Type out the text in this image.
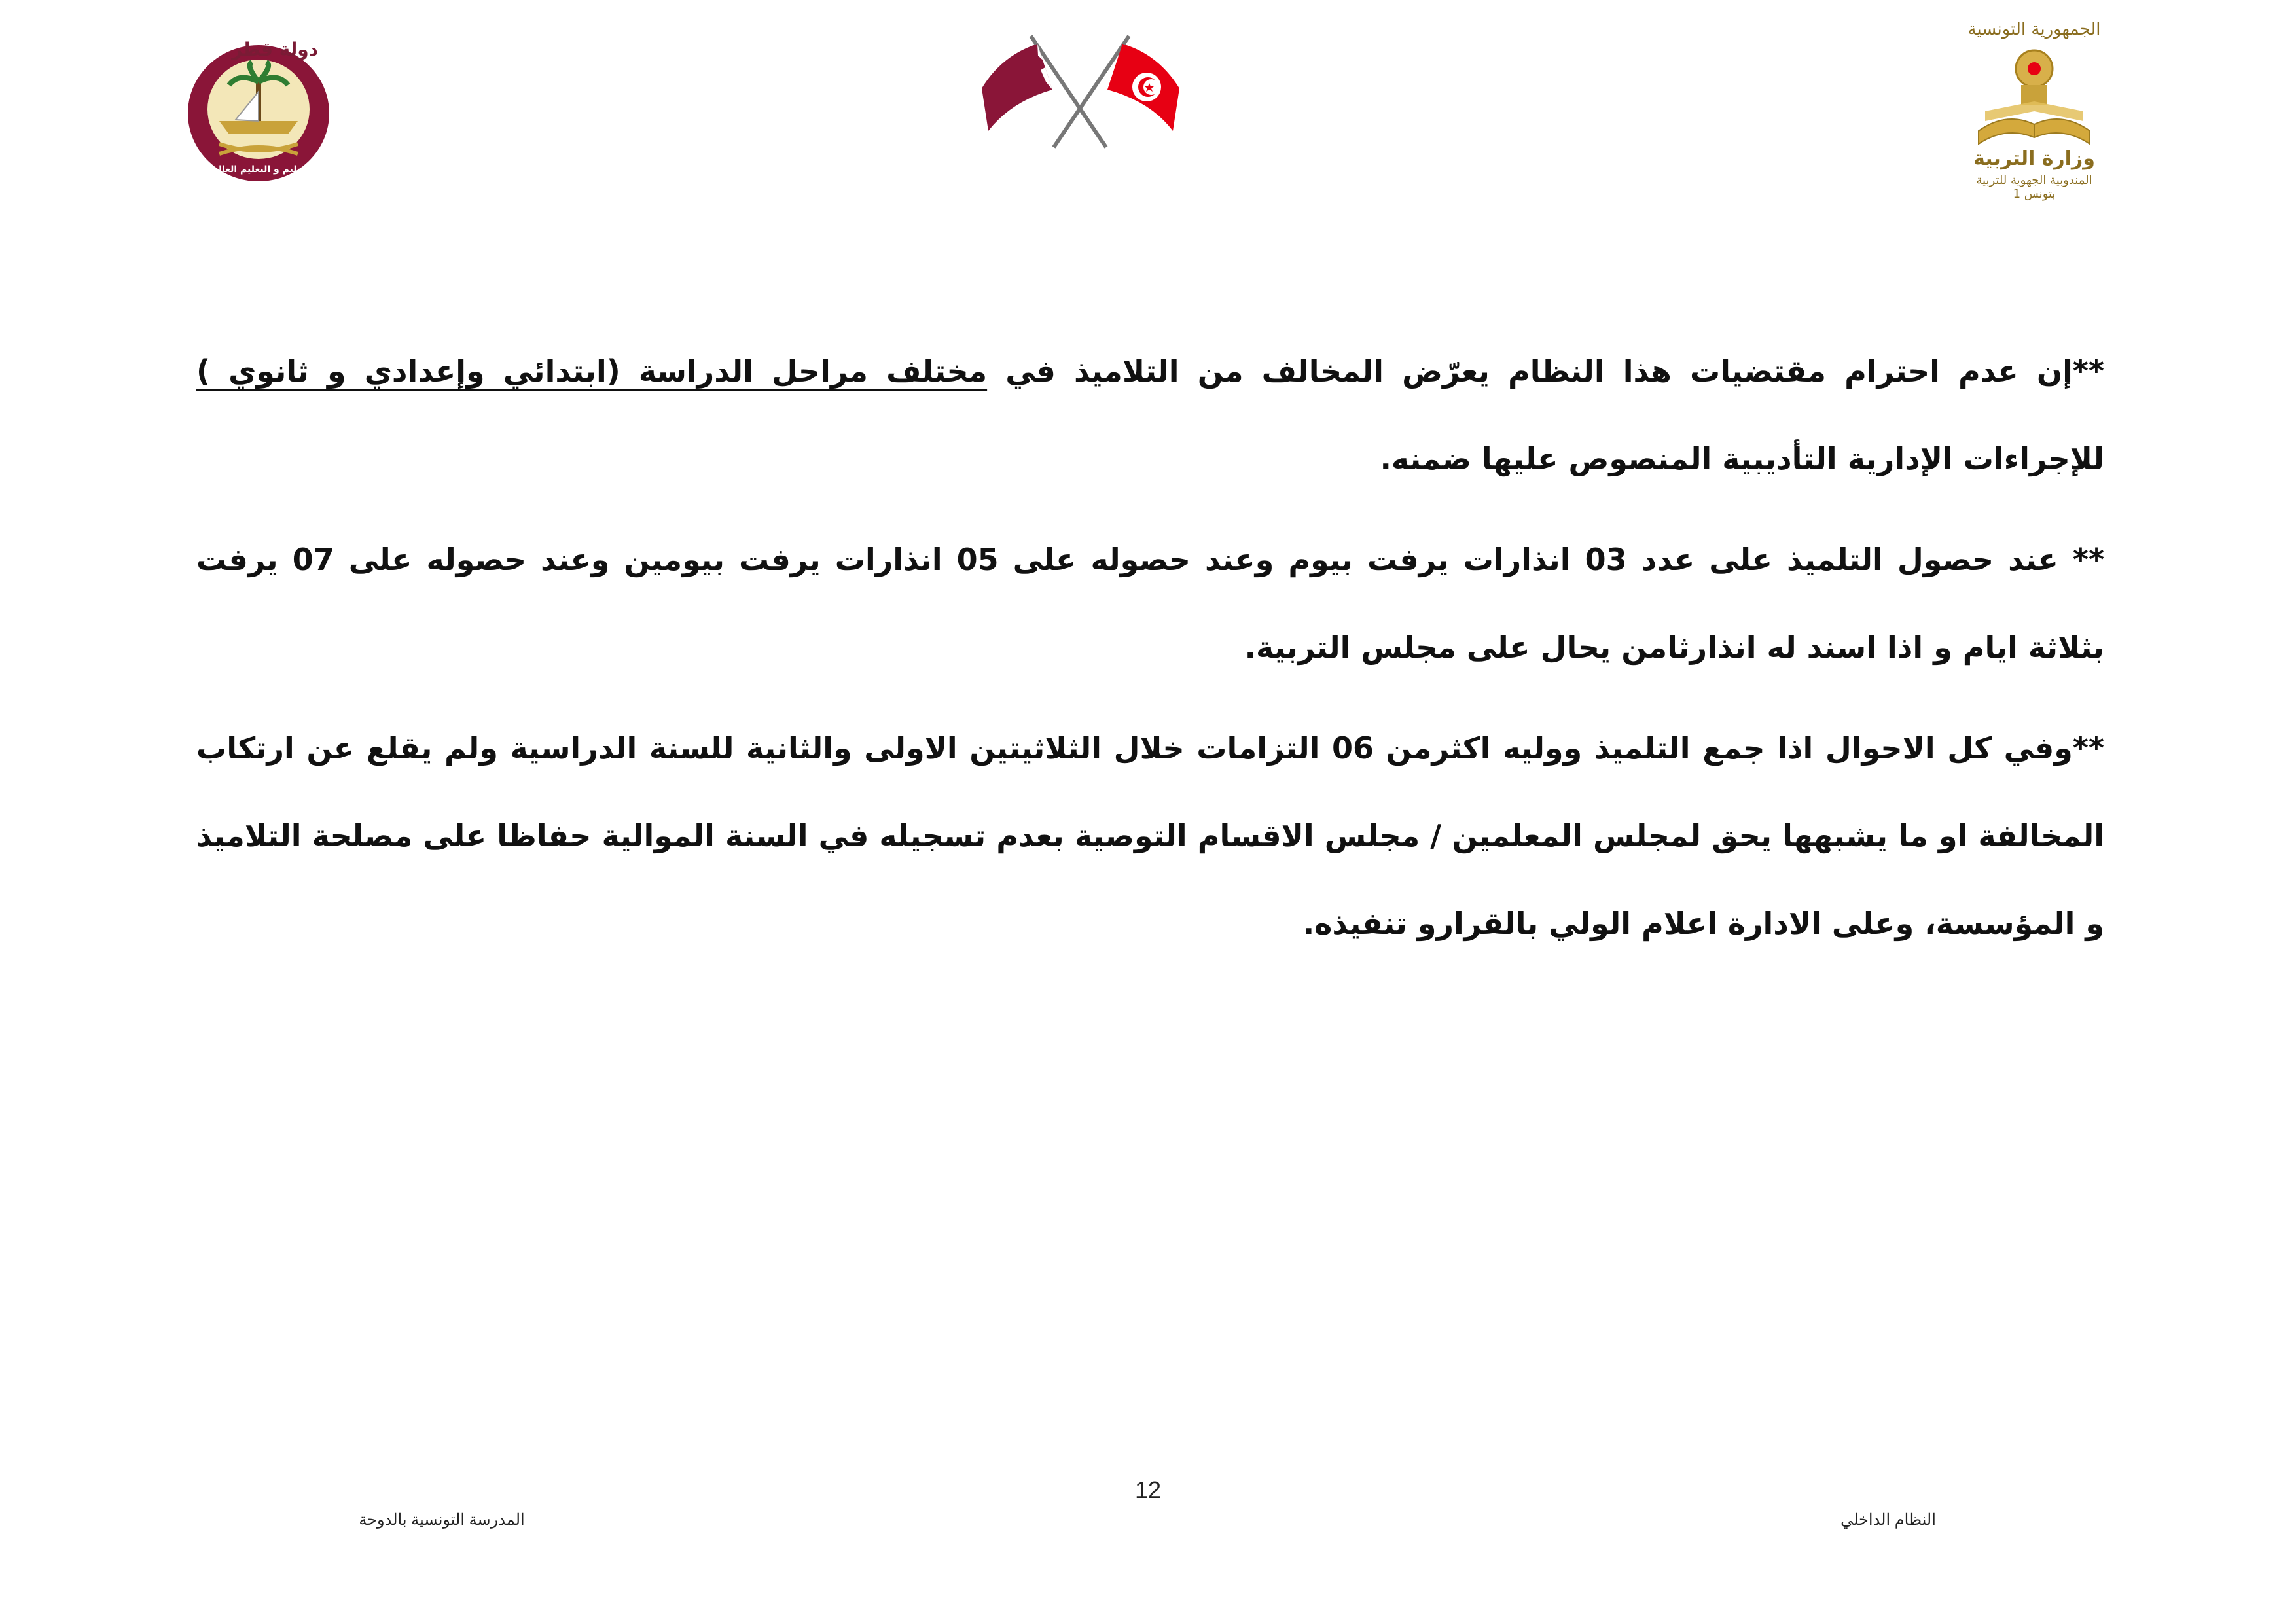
الجمهورية التونسية
وزارة التربية
المندوبية الجهوية للتربية بتونس 1
دولة قطر
وزارة التعليم و التعليم العالي

**إن عدم احترام مقتضيات هذا النظام يعرّض المخالف من التلاميذ في مختلف مراحل الدراسة (ابتدائي وإعدادي و ثانوي ) للإجراءات الإدارية التأديبية المنصوص عليها ضمنه.

** عند حصول التلميذ على عدد 03 انذارات يرفت بيوم وعند حصوله على 05 انذارات يرفت بيومين وعند حصوله على 07 يرفت بثلاثة ايام و اذا اسند له انذارثامن يحال على مجلس التربية.

**وفي كل الاحوال اذا جمع التلميذ ووليه اكثرمن 06 التزامات خلال الثلاثيتين الاولى والثانية للسنة الدراسية ولم يقلع عن ارتكاب المخالفة او ما يشبهها يحق لمجلس المعلمين / مجلس الاقسام التوصية بعدم تسجيله في السنة الموالية حفاظا على مصلحة التلاميذ و المؤسسة، وعلى الادارة اعلام الولي بالقرارو تنفيذه.

12
المدرسة التونسية بالدوحة	النظام الداخلي
